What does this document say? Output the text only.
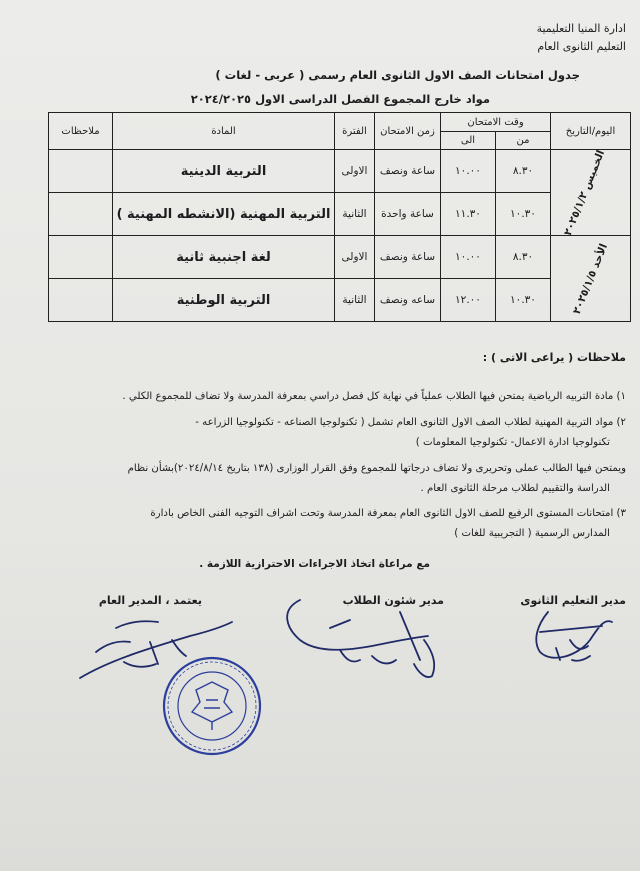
ادارة المنيا التعليمية
التعليم الثانوى العام
جدول امتحانات الصف الاول الثانوى العام رسمى ( عربى - لغات )
مواد خارج المجموع الفصل الدراسى الاول ٢٠٢٤/٢٠٢٥
اليوم/التاريخ	وقت الامتحان		زمن الامتحان	الفترة	المادة	ملاحظات
	من	الى				
الخميس ٢٠٢٥/١/٢	٨.٣٠	١٠.٠٠	ساعة ونصف	الاولى	التربية الدينية	
	١٠.٣٠	١١.٣٠	ساعة واحدة	الثانية	التربية المهنية (الانشطه المهنية )	
الأحد ٢٠٢٥/١/٥	٨.٣٠	١٠.٠٠	ساعة ونصف	الاولى	لغة اجنبية ثانية	
	١٠.٣٠	١٢.٠٠	ساعه ونصف	الثانية	التربية الوطنية	
ملاحظات ( يراعى الاتى ) :
١) مادة التربيه الرياضية يمتحن فيها الطلاب عملياً في نهاية كل فصل دراسي بمعرفة المدرسة ولا تضاف للمجموع الكلي .
٢) مواد التربية المهنية لطلاب الصف الاول الثانوى العام تشمل ( تكنولوجيا الصناعه - تكنولوجيا الزراعه -
تكنولوجيا ادارة الاعمال- تكنولوجيا المعلومات )
ويمتحن فيها الطالب عملى وتحريرى ولا تضاف درجاتها للمجموع وفق القرار الوزارى (١٣٨ بتاريخ ٢٠٢٤/٨/١٤)بشأن نظام
الدراسة والتقييم لطلاب مرحلة الثانوى العام .
٣) امتحانات المستوى الرفيع للصف الاول الثانوى العام بمعرفة المدرسة وتحت اشراف التوجيه الفنى الخاص بادارة
المدارس الرسمية ( التجريبية للغات )
مع مراعاة اتخاذ الاجراءات الاحترازية اللازمة .
مدير التعليم الثانوى
مدير شئون الطلاب
يعتمد ، المدير العام
